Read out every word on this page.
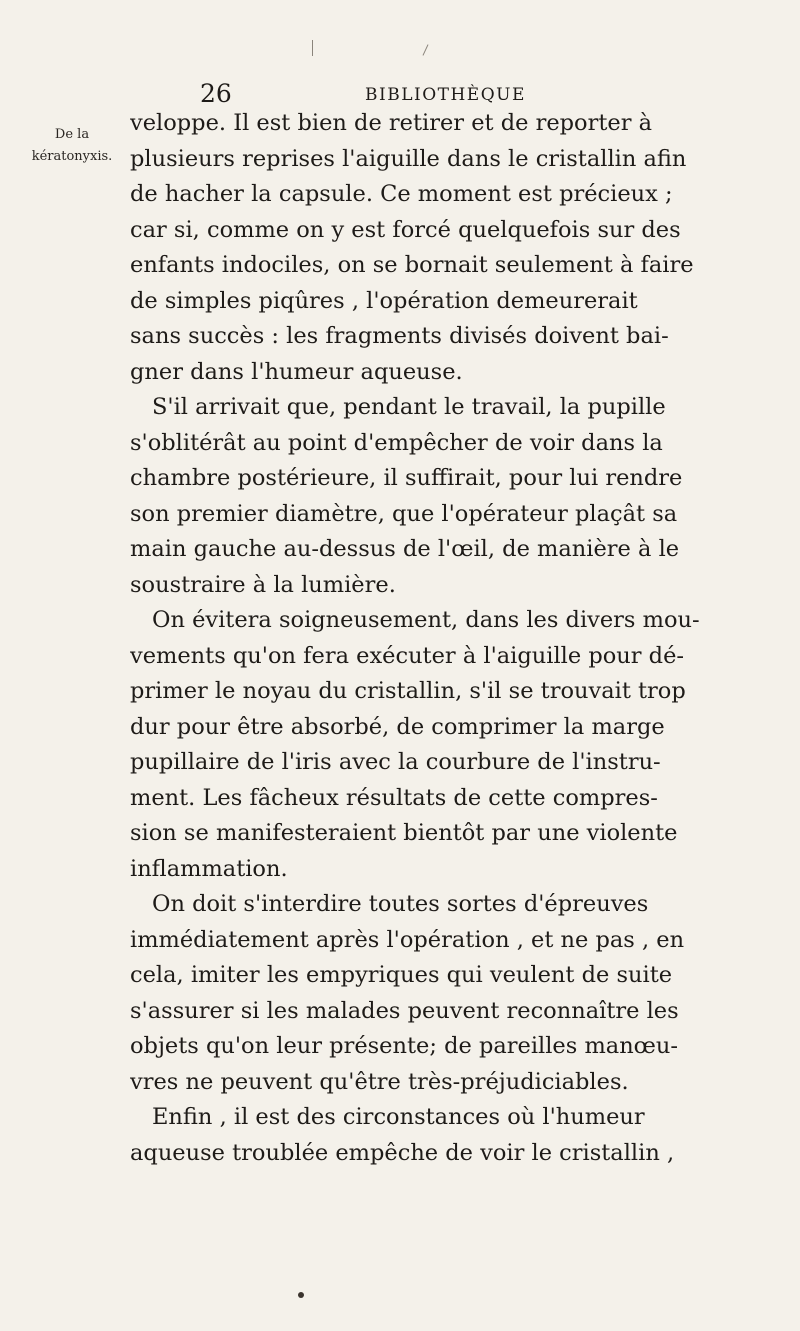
26	BIBLIOTHÈQUE
De la
kératonyxis.
veloppe. Il est bien de retirer et de reporter à
plusieurs reprises l'aiguille dans le cristallin afin
de hacher la capsule. Ce moment est précieux ;
car si, comme on y est forcé quelquefois sur des
enfants indociles, on se bornait seulement à faire
de simples piqûres , l'opération demeurerait
sans succès : les fragments divisés doivent bai-
gner dans l'humeur aqueuse.
S'il arrivait que, pendant le travail, la pupille
s'oblitérât au point d'empêcher de voir dans la
chambre postérieure, il suffirait, pour lui rendre
son premier diamètre, que l'opérateur plaçât sa
main gauche au-dessus de l'œil, de manière à le
soustraire à la lumière.
On évitera soigneusement, dans les divers mou-
vements qu'on fera exécuter à l'aiguille pour dé-
primer le noyau du cristallin, s'il se trouvait trop
dur pour être absorbé, de comprimer la marge
pupillaire de l'iris avec la courbure de l'instru-
ment. Les fâcheux résultats de cette compres-
sion se manifesteraient bientôt par une violente
inflammation.
On doit s'interdire toutes sortes d'épreuves
immédiatement après l'opération , et ne pas , en
cela, imiter les empyriques qui veulent de suite
s'assurer si les malades peuvent reconnaître les
objets qu'on leur présente; de pareilles manœu-
vres ne peuvent qu'être très-préjudiciables.
Enfin , il est des circonstances où l'humeur
aqueuse troublée empêche de voir le cristallin ,
